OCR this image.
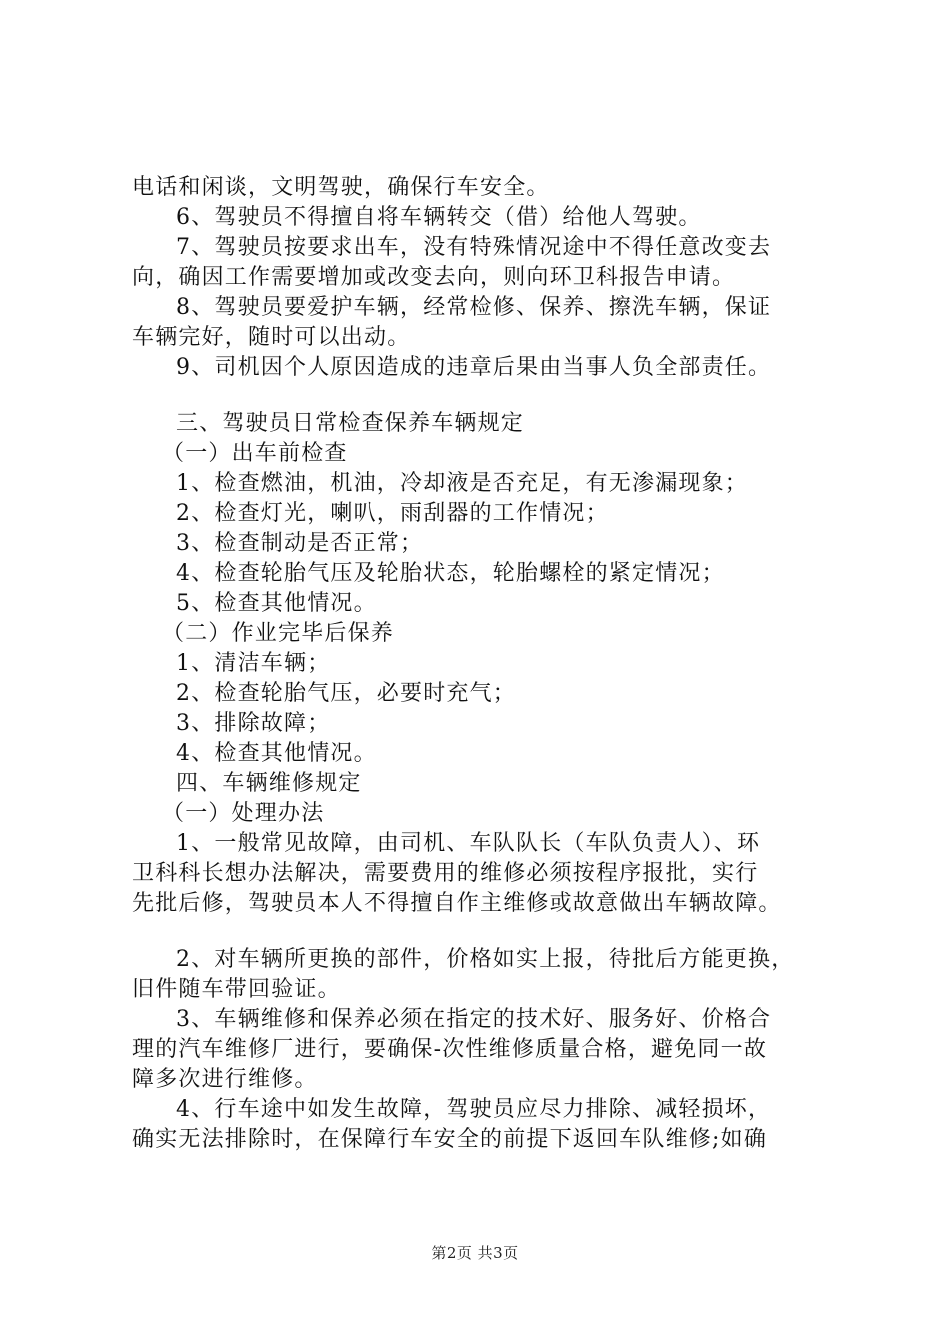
电话和闲谈，文明驾驶，确保行车安全。
6、驾驶员不得擅自将车辆转交（借）给他人驾驶。
7、驾驶员按要求出车，没有特殊情况途中不得任意改变去
向，确因工作需要增加或改变去向，则向环卫科报告申请。
8、驾驶员要爱护车辆，经常检修、保养、擦洗车辆，保证
车辆完好，随时可以出动。
9、司机因个人原因造成的违章后果由当事人负全部责任。
三、驾驶员日常检查保养车辆规定
（一）出车前检查
1、检查燃油，机油，冷却液是否充足，有无渗漏现象；
2、检查灯光，喇叭，雨刮器的工作情况；
3、检查制动是否正常；
4、检查轮胎气压及轮胎状态，轮胎螺栓的紧定情况；
5、检查其他情况。
（二）作业完毕后保养
1、清洁车辆；
2、检查轮胎气压，必要时充气；
3、排除故障；
4、检查其他情况。
四、车辆维修规定
（一）处理办法
1、一般常见故障，由司机、车队队长（车队负责人）、环
卫科科长想办法解决，需要费用的维修必须按程序报批，实行
先批后修，驾驶员本人不得擅自作主维修或故意做出车辆故障。
2、对车辆所更换的部件，价格如实上报，待批后方能更换，
旧件随车带回验证。
3、车辆维修和保养必须在指定的技术好、服务好、价格合
理的汽车维修厂进行，要确保-次性维修质量合格，避免同一故
障多次进行维修。
4、行车途中如发生故障，驾驶员应尽力排除、减轻损坏，
确实无法排除时，在保障行车安全的前提下返回车队维修;如确
第2页 共3页
